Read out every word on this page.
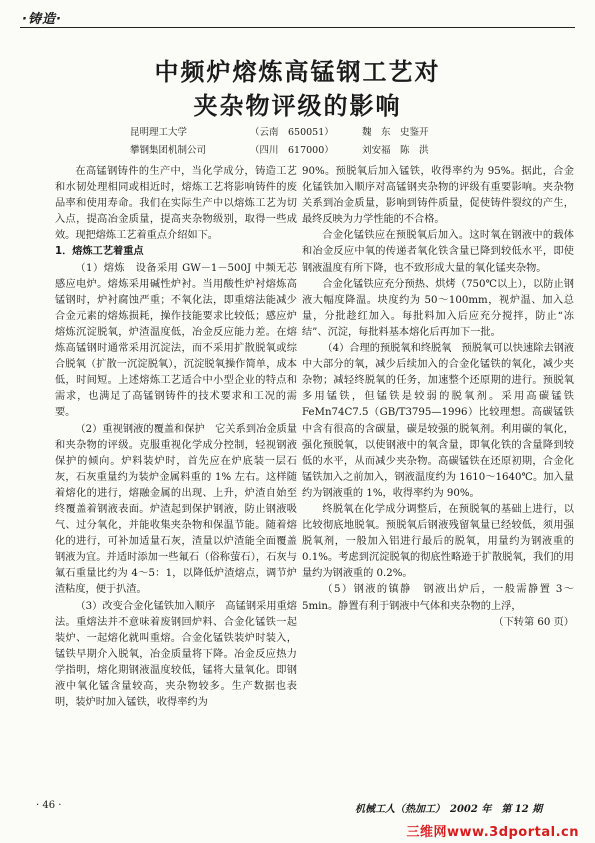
·铸造·
中频炉熔炼高锰钢工艺对
夹杂物评级的影响
昆明理工大学	（云南　650051）	魏　东　史鉴开
攀钢集团机制公司	（四川　617000）	刘安福　陈　洪

在高锰钢铸件的生产中，当化学成分，铸造工艺和水韧处理相同或相近时，熔炼工艺将影响铸件的废品率和使用寿命。我们在实际生产中以熔炼工艺为切入点，提高冶金质量，提高夹杂物级别，取得一些成效。现把熔炼工艺着重点介绍如下。

1．熔炼工艺着重点

（1）熔炼　设备采用 GW－1－500J 中频无芯感应电炉。熔炼采用碱性炉衬。当用酸性炉衬熔炼高锰钢时，炉衬腐蚀严重；不氧化法，即重熔法能减少合金元素的熔炼损耗，操作技能要求比较低；感应炉熔炼沉淀脱氧，炉渣温度低，冶金反应能力差。在熔炼高锰钢时通常采用沉淀法，而不采用扩散脱氧或综合脱氧（扩散一沉淀脱氧），沉淀脱氧操作简单，成本低，时间短。上述熔炼工艺适合中小型企业的特点和需求，也满足了高锰钢铸件的技术要求和工况的需要。

（2）重视钢液的覆盖和保护　它关系到冶金质量和夹杂物的评级。克服重视化学成分控制，轻视钢液保护的倾向。炉料装炉时，首先应在炉底装一层石灰，石灰重量约为装炉金属料重的 1% 左右。这样随着熔化的进行，熔融金属的出现、上升，炉渣自始至终覆盖着钢液表面。炉渣起到保护钢液，防止钢液吸气、过分氧化，并能收集夹杂物和保温节能。随着熔化的进行，可补加适量石灰，渣量以炉渣能全面覆盖钢液为宜。并适时添加一些氟石（俗称萤石），石灰与氟石重量比约为 4～5：1，以降低炉渣熔点，调节炉渣粘度，便于扒渣。

（3）改变合金化锰铁加入顺序　高锰钢采用重熔法。重熔法并不意味着废钢回炉料、合金化锰铁一起装炉、一起熔化就叫重熔。合金化锰铁装炉时装入，锰铁早期介入脱氧，冶金质量将下降。冶金反应热力学指明，熔化期钢液温度较低，锰将大量氧化。即钢液中氧化锰含量较高，夹杂物较多。生产数据也表明，装炉时加入锰铁，收得率约为

90%。预脱氧后加入锰铁，收得率约为 95%。据此，合金化锰铁加入顺序对高锰钢夹杂物的评级有重要影响。夹杂物关系到冶金质量，影响到铸件质量，促使铸件裂纹的产生，最终反映为力学性能的不合格。

合金化锰铁应在预脱氧后加入。这时氧在钢液中的载体和冶金反应中氧的传递者氧化铁含量已降到较低水平，即使钢液温度有所下降，也不致形成大量的氧化锰夹杂物。

合金化锰铁应充分预热、烘烤（750℃以上），以防止钢液大幅度降温。块度约为 50～100mm，视炉温、加入总量，分批趁红加入。每批料加入后应充分搅拌，防止“冻结”、沉淀，每批料基本熔化后再加下一批。

（4）合理的预脱氧和终脱氧　预脱氧可以快速除去钢液中大部分的氧，减少后续加入的合金化锰铁的氧化，减少夹杂物；减轻终脱氧的任务，加速整个还原期的进行。预脱氧多用锰铁，但锰铁是较弱的脱氧剂。采用高碳锰铁 FeMn74C7.5（GB/T3795—1996）比较理想。高碳锰铁中含有很高的含碳量，碳是较强的脱氧剂。利用碳的氧化，强化预脱氧，以使钢液中的氧含量，即氧化铁的含量降到较低的水平，从而减少夹杂物。高碳锰铁在还原初期，合金化锰铁加入之前加入，钢液温度约为 1610～1640℃。加入量约为钢液重的 1%，收得率约为 90%。

终脱氧在化学成分调整后，在预脱氧的基础上进行，以比较彻底地脱氧。预脱氧后钢液残留氧量已经较低，须用强脱氧剂，一般加入铝进行最后的脱氧，用量约为钢液重的 0.1%。考虑到沉淀脱氧的彻底性略逊于扩散脱氧，我们的用量约为钢液重的 0.2%。

（5）钢液的镇静　钢液出炉后，一般需静置 3～5min。静置有利于钢液中气体和夹杂物的上浮，

（下转第 60 页）

· 46 ·	机械工人（热加工）　2002 年　第 12 期
三维网www.3dportal.cn
